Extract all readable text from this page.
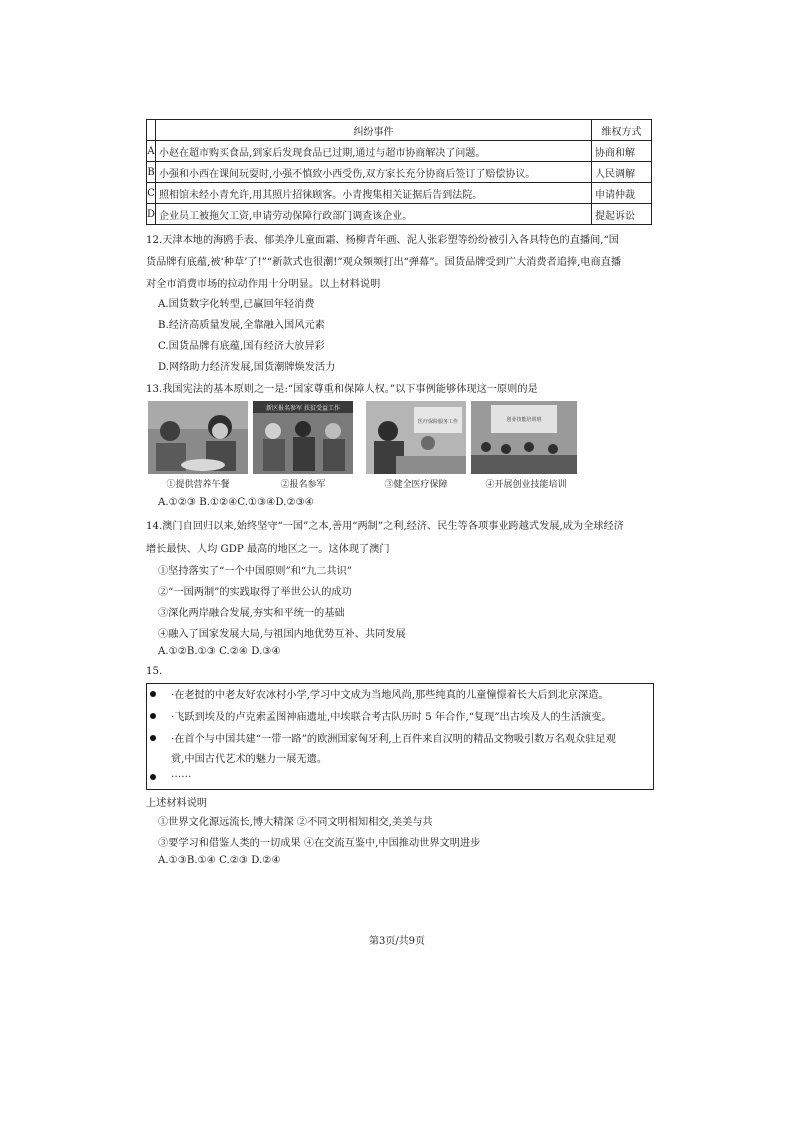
	纠纷事件	维权方式
A	小赵在超市购买食品,到家后发现食品已过期,通过与超市协商解决了问题。	协商和解
B	小强和小西在课间玩耍时,小强不慎致小西受伤,双方家长充分协商后签订了赔偿协议。	人民调解
C	照相馆未经小青允许,用其照片招徕顾客。小青搜集相关证据后告到法院。	申请仲裁
D	企业员工被拖欠工资,申请劳动保障行政部门调查该企业。	提起诉讼
12.天津本地的海鸥手表、郁美净儿童面霜、杨柳青年画、泥人张彩塑等纷纷被引入各具特色的直播间,“国
货品牌有底蕴,被‘种草’了!”“新款式也很潮!”观众频频打出“弹幕”。国货品牌受到广大消费者追捧,电商直播
对全市消费市场的拉动作用十分明显。以上材料说明
A.国货数字化转型,已赢回年轻消费
B.经济高质量发展,全靠融入国风元素
C.国货品牌有底蕴,国有经济大放异彩
D.网络助力经济发展,国货潮牌焕发活力
13.我国宪法的基本原则之一是:“国家尊重和保障人权。”以下事例能够体现这一原则的是
新区报名参军 扶贫受益工作
医疗保险服务工作	创业技能培训班
①提供营养午餐	②报名参军	③健全医疗保障	④开展创业技能培训
A.①②③ B.①②④C.①③④D.②③④
14.澳门自回归以来,始终坚守“一国”之本,善用“两制”之利,经济、民生等各项事业跨越式发展,成为全球经济
增长最快、人均 GDP 最高的地区之一。这体现了澳门
①坚持落实了“一个中国原则”和“九二共识”
②“一国两制”的实践取得了举世公认的成功
③深化两岸融合发展,夯实和平统一的基础
④融入了国家发展大局,与祖国内地优势互补、共同发展
A.①②B.①③ C.②④ D.③④
15.
·在老挝的中老友好农冰村小学,学习中文成为当地风尚,那些纯真的儿童憧憬着长大后到北京深造。
·飞跃到埃及的卢克索孟图神庙遗址,中埃联合考古队历时 5 年合作,“复现”出古埃及人的生活演变。
·在首个与中国共建“一带一路”的欧洲国家匈牙利,上百件来自汉明的精品文物吸引数万名观众驻足观
赏,中国古代艺术的魅力一展无遗。
……
上述材料说明
①世界文化源远流长,博大精深 ②不同文明相知相交,美美与共
③要学习和借鉴人类的一切成果 ④在交流互鉴中,中国推动世界文明进步
A.①③B.①④ C.②③ D.②④
第3页/共9页
